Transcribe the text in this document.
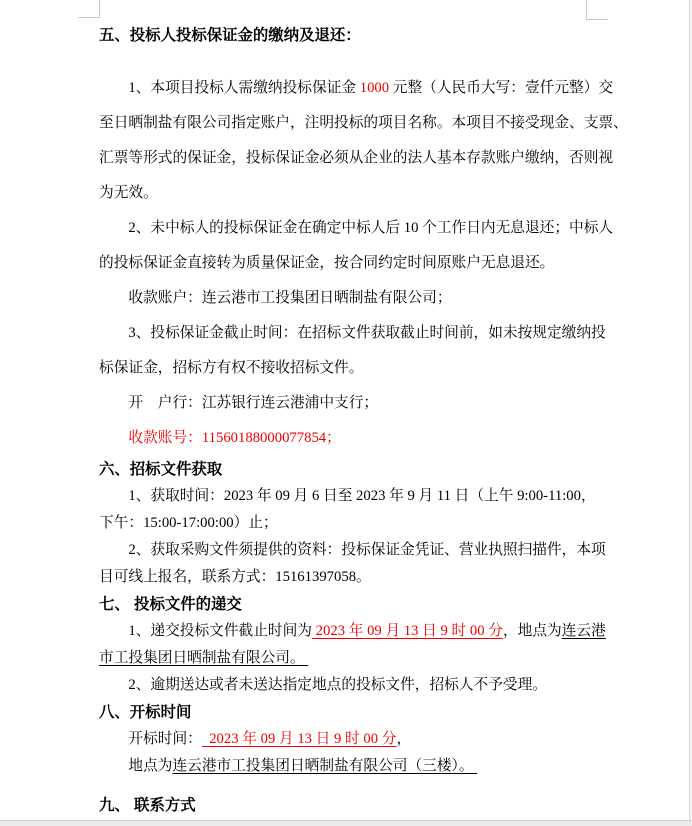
五、投标人投标保证金的缴纳及退还：
1、本项目投标人需缴纳投标保证金 1000 元整（人民币大写：壹仟元整）交
至日晒制盐有限公司指定账户，注明投标的项目名称。本项目不接受现金、支票、
汇票等形式的保证金，投标保证金必须从企业的法人基本存款账户缴纳，否则视
为无效。
2、未中标人的投标保证金在确定中标人后 10 个工作日内无息退还；中标人
的投标保证金直接转为质量保证金，按合同约定时间原账户无息退还。
收款账户：连云港市工投集团日晒制盐有限公司；
3、投标保证金截止时间：在招标文件获取截止时间前，如未按规定缴纳投
标保证金，招标方有权不接收招标文件。
开　户行：江苏银行连云港浦中支行；
收款账号：11560188000077854；
六、招标文件获取
1、获取时间：2023 年 09 月 6 日至 2023 年 9 月 11 日（上午 9:00-11:00，
下午：15:00-17:00:00）止；
2、获取采购文件须提供的资料：投标保证金凭证、营业执照扫描件，本项
目可线上报名，联系方式：15161397058。
七、 投标文件的递交
1、递交投标文件截止时间为 2023 年 09 月 13 日 9 时 00 分，地点为连云港
市工投集团日晒制盐有限公司。
2、逾期送达或者未送达指定地点的投标文件，招标人不予受理。
八、开标时间
开标时间：  2023 年 09 月 13 日 9 时 00 分，
地点为连云港市工投集团日晒制盐有限公司（三楼）。
九、 联系方式
